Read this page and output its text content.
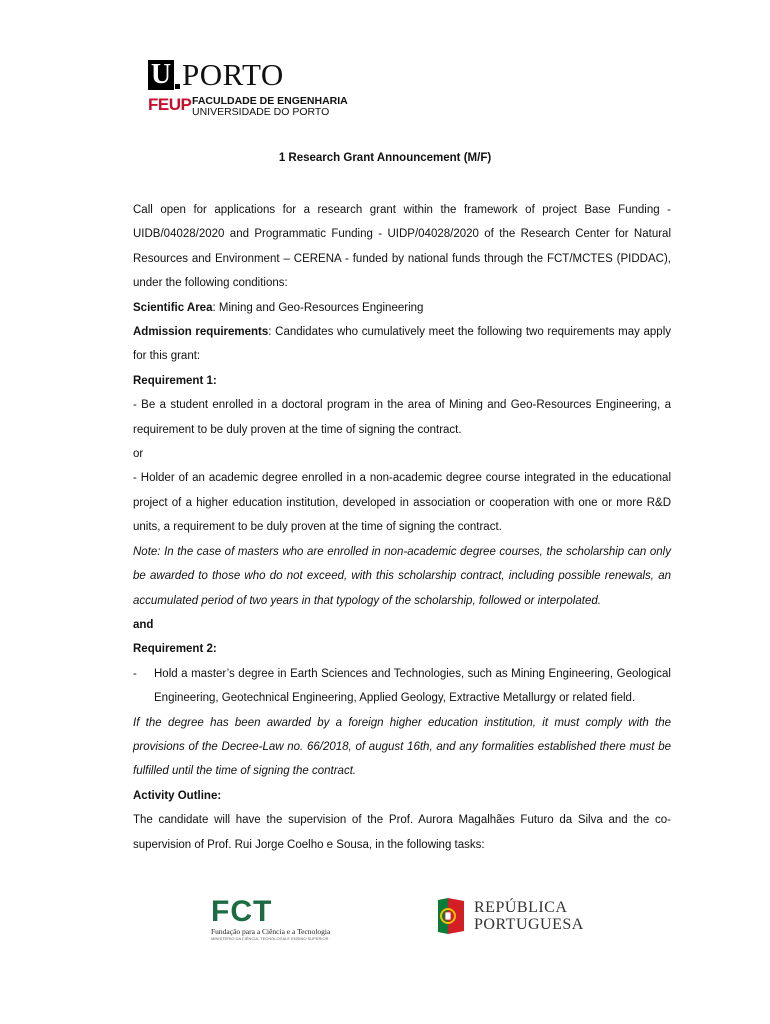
U PORTO
FEUP FACULDADE DE ENGENHARIA
UNIVERSIDADE DO PORTO
1 Research Grant Announcement (M/F)

Call open for applications for a research grant within the framework of project Base Funding - UIDB/04028/2020 and Programmatic Funding - UIDP/04028/2020 of the Research Center for Natural Resources and Environment – CERENA - funded by national funds through the FCT/MCTES (PIDDAC), under the following conditions:

Scientific Area: Mining and Geo-Resources Engineering

Admission requirements: Candidates who cumulatively meet the following two requirements may apply for this grant:

Requirement 1:

- Be a student enrolled in a doctoral program in the area of Mining and Geo-Resources Engineering, a requirement to be duly proven at the time of signing the contract.

or

- Holder of an academic degree enrolled in a non-academic degree course integrated in the educational project of a higher education institution, developed in association or cooperation with one or more R&D units, a requirement to be duly proven at the time of signing the contract.

Note: In the case of masters who are enrolled in non-academic degree courses, the scholarship can only be awarded to those who do not exceed, with this scholarship contract, including possible renewals, an accumulated period of two years in that typology of the scholarship, followed or interpolated.

and

Requirement 2:

-	Hold a master’s degree in Earth Sciences and Technologies, such as Mining Engineering, Geological Engineering, Geotechnical Engineering, Applied Geology, Extractive Metallurgy or related field.

If the degree has been awarded by a foreign higher education institution, it must comply with the provisions of the Decree-Law no. 66/2018, of august 16th, and any formalities established there must be fulfilled until the time of signing the contract.

Activity Outline:

The candidate will have the supervision of the Prof. Aurora Magalhães Futuro da Silva and the co-supervision of Prof. Rui Jorge Coelho e Sousa, in the following tasks:

FCT
Fundação para a Ciência e a Tecnologia
MINISTÉRIO DA CIÊNCIA, TECNOLOGIA E ENSINO SUPERIOR
REPÚBLICA
PORTUGUESA
